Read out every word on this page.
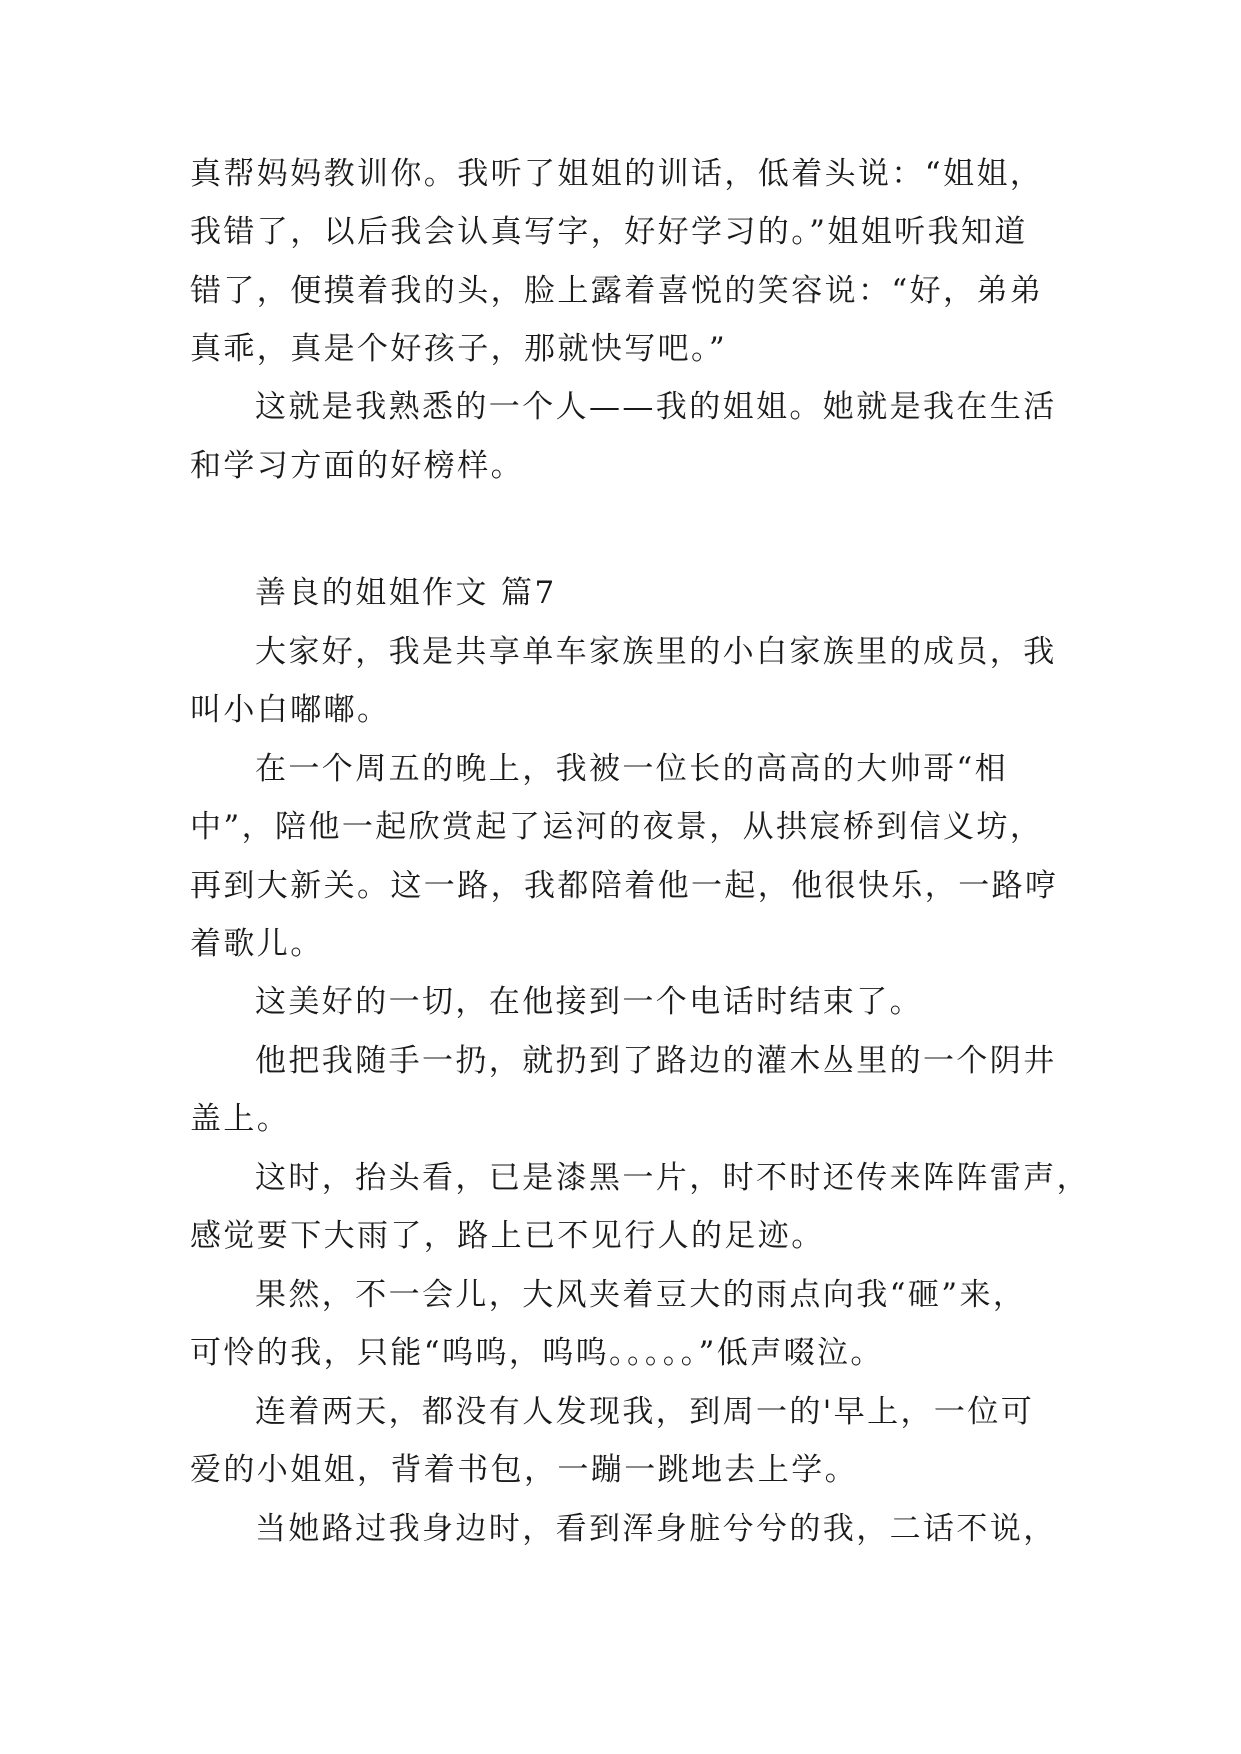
真帮妈妈教训你。我听了姐姐的训话，低着头说：“姐姐，
我错了，以后我会认真写字，好好学习的。”姐姐听我知道
错了，便摸着我的头，脸上露着喜悦的笑容说：“好，弟弟
真乖，真是个好孩子，那就快写吧。”
这就是我熟悉的一个人——我的姐姐。她就是我在生活
和学习方面的好榜样。
善良的姐姐作文 篇7
大家好，我是共享单车家族里的小白家族里的成员，我
叫小白嘟嘟。
在一个周五的晚上，我被一位长的高高的大帅哥“相
中”，陪他一起欣赏起了运河的夜景，从拱宸桥到信义坊，
再到大新关。这一路，我都陪着他一起，他很快乐，一路哼
着歌儿。
这美好的一切，在他接到一个电话时结束了。
他把我随手一扔，就扔到了路边的灌木丛里的一个阴井
盖上。
这时，抬头看，已是漆黑一片，时不时还传来阵阵雷声，
感觉要下大雨了，路上已不见行人的足迹。
果然，不一会儿，大风夹着豆大的雨点向我“砸”来，
可怜的我，只能“呜呜，呜呜。。。。。”低声啜泣。
连着两天，都没有人发现我，到周一的'早上，一位可
爱的小姐姐，背着书包，一蹦一跳地去上学。
当她路过我身边时，看到浑身脏兮兮的我，二话不说，
